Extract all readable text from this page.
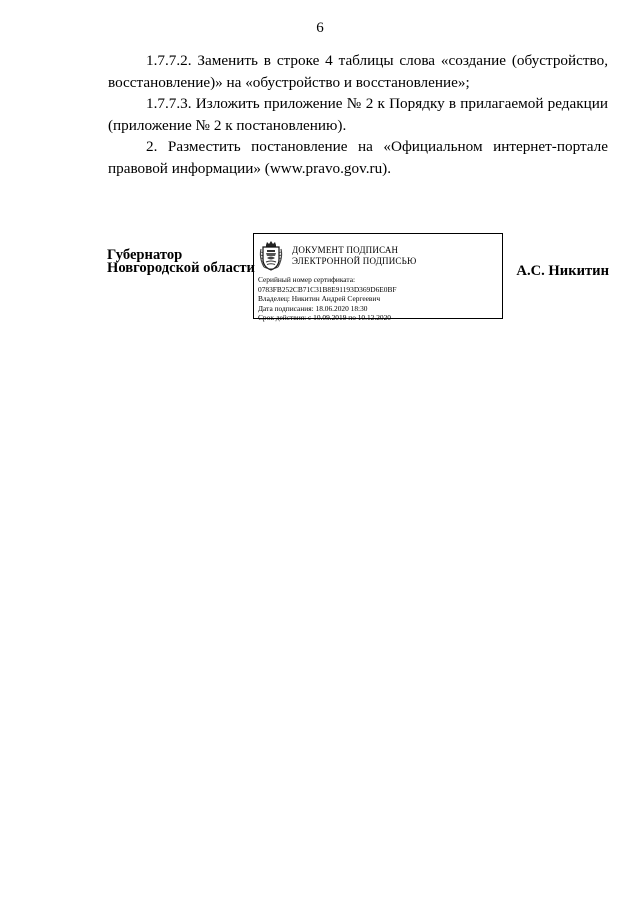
6

1.7.7.2. Заменить в строке 4 таблицы слова «создание (обустройство, восстановление)» на «обустройство и восстановление»;

1.7.7.3. Изложить приложение № 2 к Порядку в прилагаемой редакции (приложение № 2 к постановлению).

2. Разместить постановление на «Официальном интернет-портале правовой информации» (www.pravo.gov.ru).

Губернатор
Новгородской области
ДОКУМЕНТ ПОДПИСАН
ЭЛЕКТРОННОЙ ПОДПИСЬЮ
Серийный номер сертификата:
0783FB252CB71C31B8E91193D369D6E0BF
Владелец: Никитин Андрей Сергеевич
Дата подписания: 18.06.2020 18:30
Срок действия: с 10.09.2019 по 10.12.2020
А.С. Никитин
